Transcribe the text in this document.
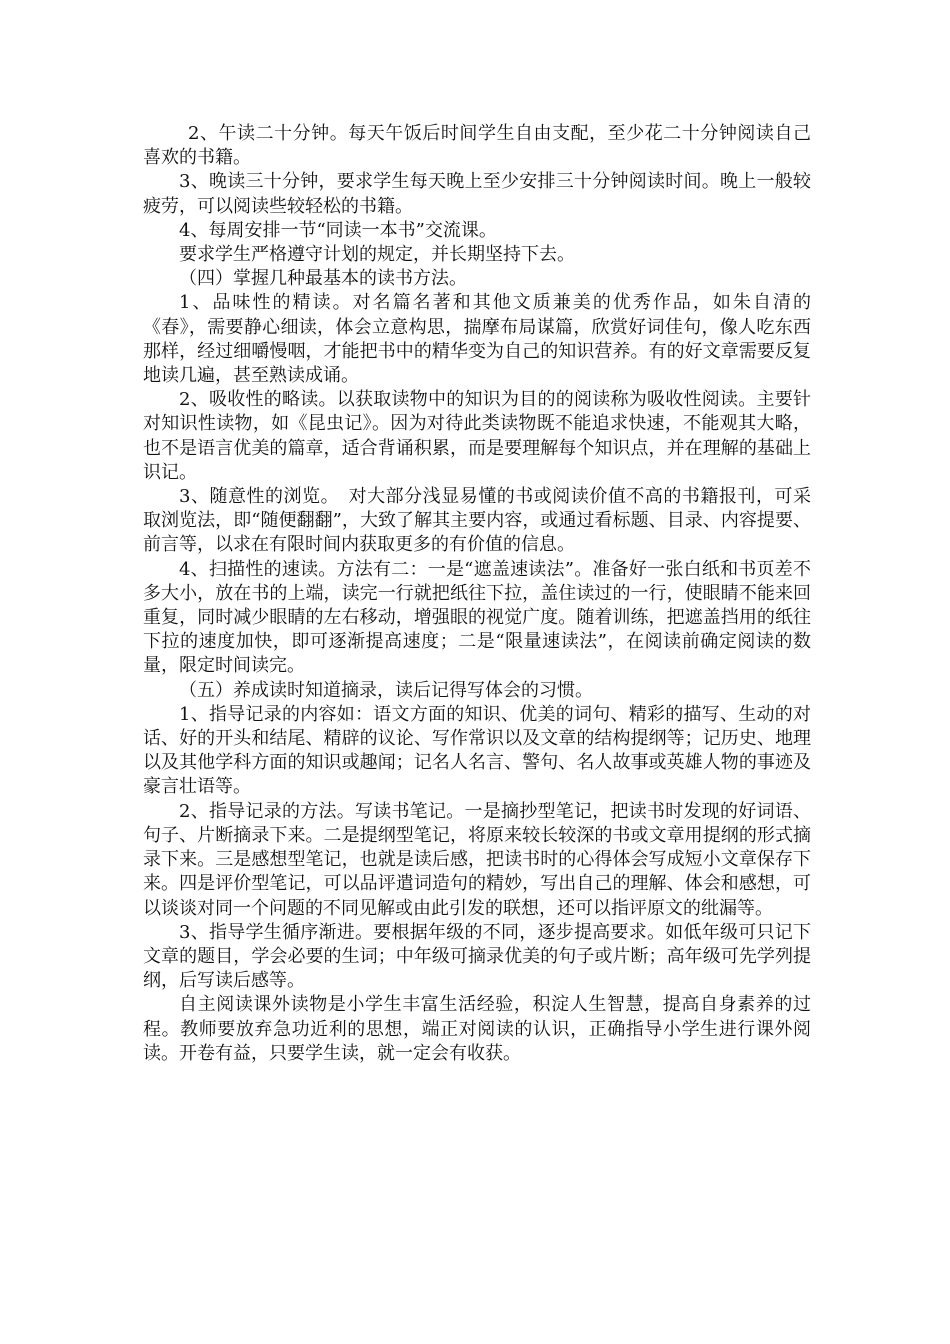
2、午读二十分钟。每天午饭后时间学生自由支配，至少花二十分钟阅读自己喜欢的书籍。

3、晚读三十分钟，要求学生每天晚上至少安排三十分钟阅读时间。晚上一般较疲劳，可以阅读些较轻松的书籍。

4、每周安排一节“同读一本书”交流课。

要求学生严格遵守计划的规定，并长期坚持下去。

（四）掌握几种最基本的读书方法。

1、品味性的精读。对名篇名著和其他文质兼美的优秀作品，如朱自清的《春》，需要静心细读，体会立意构思，揣摩布局谋篇，欣赏好词佳句，像人吃东西那样，经过细嚼慢咽，才能把书中的精华变为自己的知识营养。有的好文章需要反复地读几遍，甚至熟读成诵。

2、吸收性的略读。以获取读物中的知识为目的的阅读称为吸收性阅读。主要针对知识性读物，如《昆虫记》。因为对待此类读物既不能追求快速，不能观其大略，也不是语言优美的篇章，适合背诵积累，而是要理解每个知识点，并在理解的基础上识记。

3、随意性的浏览。　对大部分浅显易懂的书或阅读价值不高的书籍报刊，可采取浏览法，即“随便翻翻”，大致了解其主要内容，或通过看标题、目录、内容提要、前言等，以求在有限时间内获取更多的有价值的信息。

4、扫描性的速读。方法有二：一是“遮盖速读法”。准备好一张白纸和书页差不多大小，放在书的上端，读完一行就把纸往下拉，盖住读过的一行，使眼睛不能来回重复，同时减少眼睛的左右移动，增强眼的视觉广度。随着训练，把遮盖挡用的纸往下拉的速度加快，即可逐渐提高速度；二是“限量速读法”，在阅读前确定阅读的数量，限定时间读完。

（五）养成读时知道摘录，读后记得写体会的习惯。

1、指导记录的内容如：语文方面的知识、优美的词句、精彩的描写、生动的对话、好的开头和结尾、精辟的议论、写作常识以及文章的结构提纲等；记历史、地理以及其他学科方面的知识或趣闻；记名人名言、警句、名人故事或英雄人物的事迹及豪言壮语等。

2、指导记录的方法。写读书笔记。一是摘抄型笔记，把读书时发现的好词语、句子、片断摘录下来。二是提纲型笔记，将原来较长较深的书或文章用提纲的形式摘录下来。三是感想型笔记，也就是读后感，把读书时的心得体会写成短小文章保存下来。四是评价型笔记，可以品评遣词造句的精妙，写出自己的理解、体会和感想，可以谈谈对同一个问题的不同见解或由此引发的联想，还可以指评原文的纰漏等。

3、指导学生循序渐进。要根据年级的不同，逐步提高要求。如低年级可只记下文章的题目，学会必要的生词；中年级可摘录优美的句子或片断；高年级可先学列提纲，后写读后感等。

自主阅读课外读物是小学生丰富生活经验，积淀人生智慧，提高自身素养的过程。教师要放弃急功近利的思想，端正对阅读的认识，正确指导小学生进行课外阅读。开卷有益，只要学生读，就一定会有收获。
